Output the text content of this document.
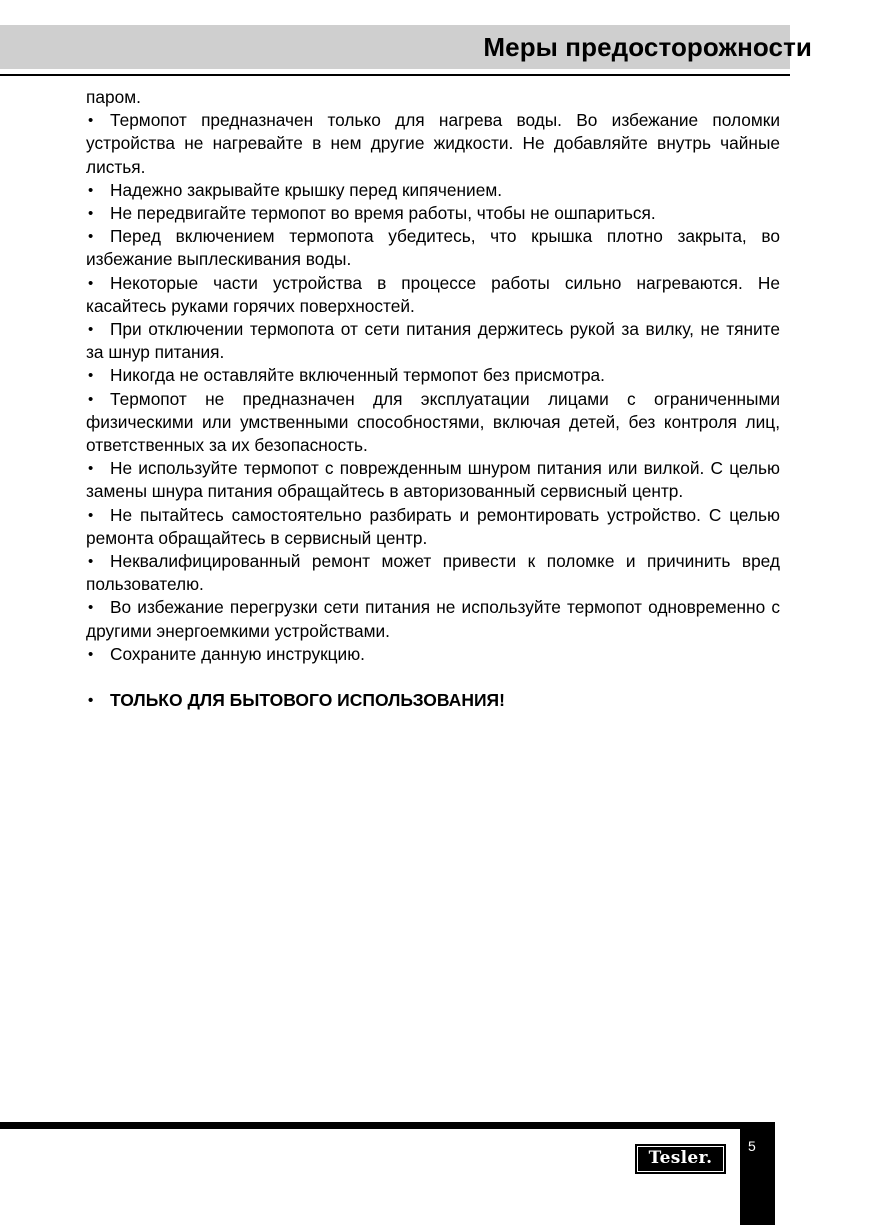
Меры предосторожности

паром.

• Термопот предназначен только для нагрева воды. Во избежание поломки устройства не нагревайте в нем другие жидкости. Не добавляйте внутрь чайные листья.

• Надежно закрывайте крышку перед кипячением.

• Не передвигайте термопот во время работы, чтобы не ошпариться.

• Перед включением термопота убедитесь, что крышка плотно закрыта, во избежание выплескивания воды.

• Некоторые части устройства в процессе работы сильно нагреваются. Не касайтесь руками горячих поверхностей.

• При отключении термопота от сети питания держитесь рукой за вилку, не тяните за шнур питания.

• Никогда не оставляйте включенный термопот без присмотра.

• Термопот не предназначен для эксплуатации лицами с ограниченными физическими или умственными способностями, включая детей, без контроля лиц, ответственных за их безопасность.

• Не используйте термопот с поврежденным шнуром питания или вилкой. С целью замены шнура питания обращайтесь в авторизованный сервисный центр.

• Не пытайтесь самостоятельно разбирать и ремонтировать устройство. С целью ремонта обращайтесь в сервисный центр.

• Неквалифицированный ремонт может привести к поломке и причинить вред пользователю.

• Во избежание перегрузки сети питания не используйте термопот одновременно с другими энергоемкими устройствами.

• Сохраните данную инструкцию.

• ТОЛЬКО ДЛЯ БЫТОВОГО ИСПОЛЬЗОВАНИЯ!

5
Tesler.
